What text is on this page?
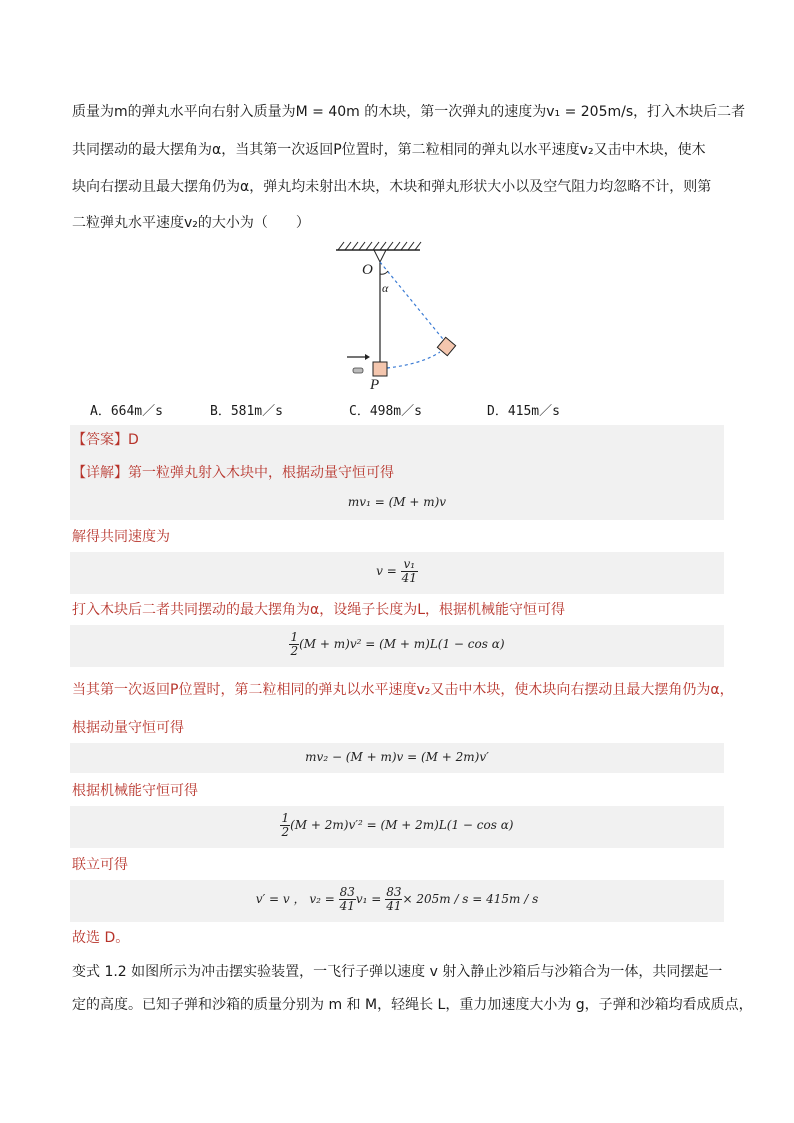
质量为m的弹丸水平向右射入质量为M = 40m 的木块，第一次弹丸的速度为v₁ = 205m/s，打入木块后二者
共同摆动的最大摆角为α，当其第一次返回P位置时，第二粒相同的弹丸以水平速度v₂又击中木块，使木
块向右摆动且最大摆角仍为α，弹丸均未射出木块，木块和弹丸形状大小以及空气阻力均忽略不计，则第
二粒弹丸水平速度v₂的大小为（　　）
O
α
P
A．664m／s	B．581m／s	C．498m／s	D．415m／s
【答案】D
【详解】第一粒弹丸射入木块中，根据动量守恒可得
mv₁ = (M + m)v
解得共同速度为
$v = \frac{\text{v₁}}{41}$
打入木块后二者共同摆动的最大摆角为α，设绳子长度为L，根据机械能守恒可得
$\frac{1}{2} (M + m)v^2 = (M + m)L(1 - \cos \alpha)$
当其第一次返回P位置时，第二粒相同的弹丸以水平速度v₂又击中木块，使木块向右摆动且最大摆角仍为α，
根据动量守恒可得
mv₂ − (M + m)v = (M + 2m)v′
根据机械能守恒可得
$\frac{1}{2} (M + 2m)v'^2 = (M + 2m)L(1 - \cos \alpha)$
联立可得
v′ = v ， $v_2 = \frac{83}{41} v_1 = \frac{83}{41} \times 205m / s = 415m / s$
故选 D。
变式 1.2 如图所示为冲击摆实验装置，一飞行子弹以速度 v 射入静止沙箱后与沙箱合为一体，共同摆起一
定的高度。已知子弹和沙箱的质量分别为 m 和 M，轻绳长 L，重力加速度大小为 g，子弹和沙箱均看成质点，
